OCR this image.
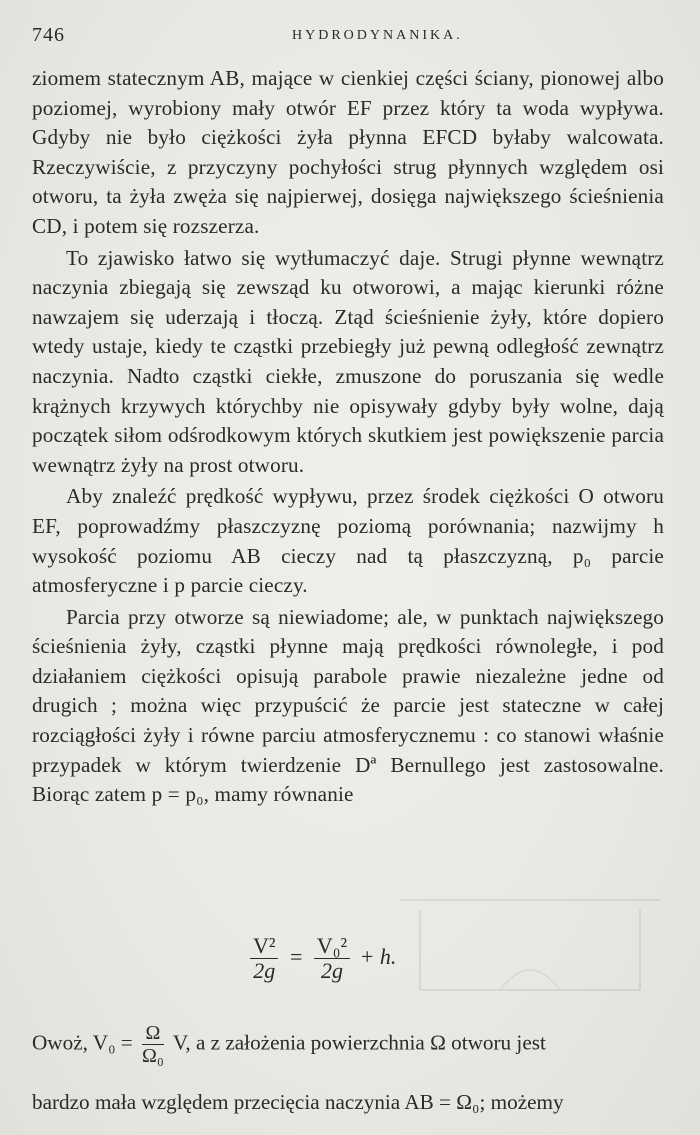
746	HYDRODYNANIKA.

ziomem statecznym AB, mające w cienkiej części ściany, pionowej albo poziomej, wyrobiony mały otwór EF przez który ta woda wypływa. Gdyby nie było ciężkości żyła płynna EFCD byłaby walcowata. Rzeczywiście, z przyczyny pochyłości strug płynnych względem osi otworu, ta żyła zwęża się najpierwej, dosięga największego ścieśnienia CD, i potem się rozszerza.

To zjawisko łatwo się wytłumaczyć daje. Strugi płynne wewnątrz naczynia zbiegają się zewsząd ku otworowi, a mając kierunki różne nawzajem się uderzają i tłoczą. Ztąd ścieśnienie żyły, które dopiero wtedy ustaje, kiedy te cząstki przebiegły już pewną odległość zewnątrz naczynia. Nadto cząstki ciekłe, zmuszone do poruszania się wedle krążnych krzywych którychby nie opisywały gdyby były wolne, dają początek siłom odśrodkowym których skutkiem jest powiększenie parcia wewnątrz żyły na prost otworu.

Aby znaleźć prędkość wypływu, przez środek ciężkości O otworu EF, poprowadźmy płaszczyznę poziomą porównania; nazwijmy h wysokość poziomu AB cieczy nad tą płaszczyzną, p₀ parcie atmosferyczne i p parcie cieczy.

Parcia przy otworze są niewiadome; ale, w punktach największego ścieśnienia żyły, cząstki płynne mają prędkości równoległe, i pod działaniem ciężkości opisują parabole prawie niezależne jedne od drugich ; można więc przypuścić że parcie jest stateczne w całej rozciągłości żyły i równe parciu atmosferycznemu : co stanowi właśnie przypadek w którym twierdzenie Dª Bernullego jest zastosowalne. Biorąc zatem p = p₀, mamy równanie

$\frac{\text{V²}}{2g} = \frac{\text{V₀²}}{2g} + h$.
Owoż, $V_0 = \frac{\Omega}{\text{Ω₀}} V$, a z założenia powierzchnia Ω otworu jest
bardzo mała względem przecięcia naczynia AB = Ω₀; możemy
